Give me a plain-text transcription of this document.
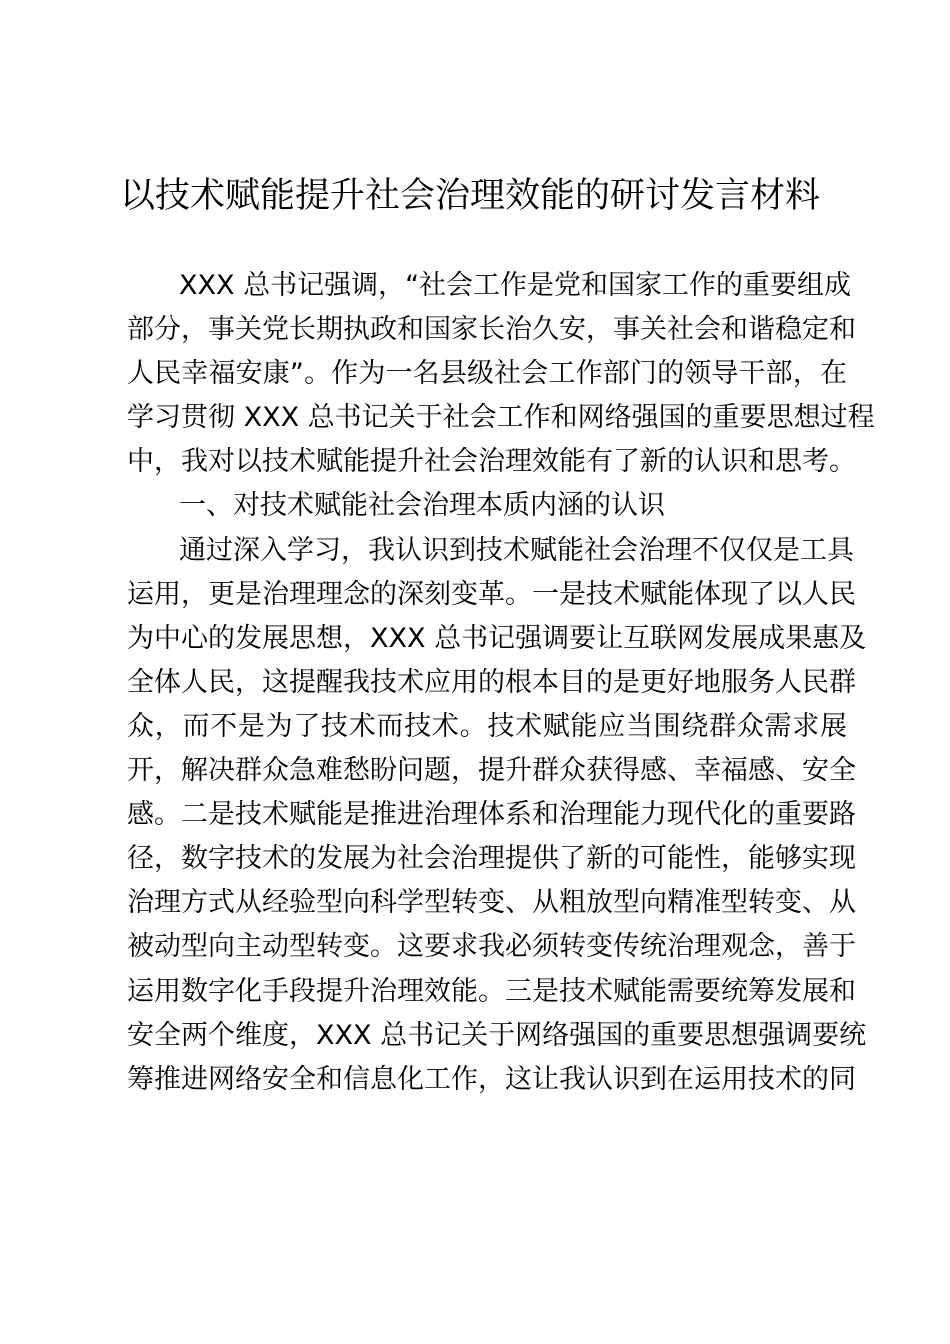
以技术赋能提升社会治理效能的研讨发言材料
XXX 总书记强调，“社会工作是党和国家工作的重要组成
部分，事关党长期执政和国家长治久安，事关社会和谐稳定和
人民幸福安康”。作为一名县级社会工作部门的领导干部，在
学习贯彻 XXX 总书记关于社会工作和网络强国的重要思想过程
中，我对以技术赋能提升社会治理效能有了新的认识和思考。
一、对技术赋能社会治理本质内涵的认识
通过深入学习，我认识到技术赋能社会治理不仅仅是工具
运用，更是治理理念的深刻变革。一是技术赋能体现了以人民
为中心的发展思想，XXX 总书记强调要让互联网发展成果惠及
全体人民，这提醒我技术应用的根本目的是更好地服务人民群
众，而不是为了技术而技术。技术赋能应当围绕群众需求展
开，解决群众急难愁盼问题，提升群众获得感、幸福感、安全
感。二是技术赋能是推进治理体系和治理能力现代化的重要路
径，数字技术的发展为社会治理提供了新的可能性，能够实现
治理方式从经验型向科学型转变、从粗放型向精准型转变、从
被动型向主动型转变。这要求我必须转变传统治理观念，善于
运用数字化手段提升治理效能。三是技术赋能需要统筹发展和
安全两个维度，XXX 总书记关于网络强国的重要思想强调要统
筹推进网络安全和信息化工作，这让我认识到在运用技术的同
